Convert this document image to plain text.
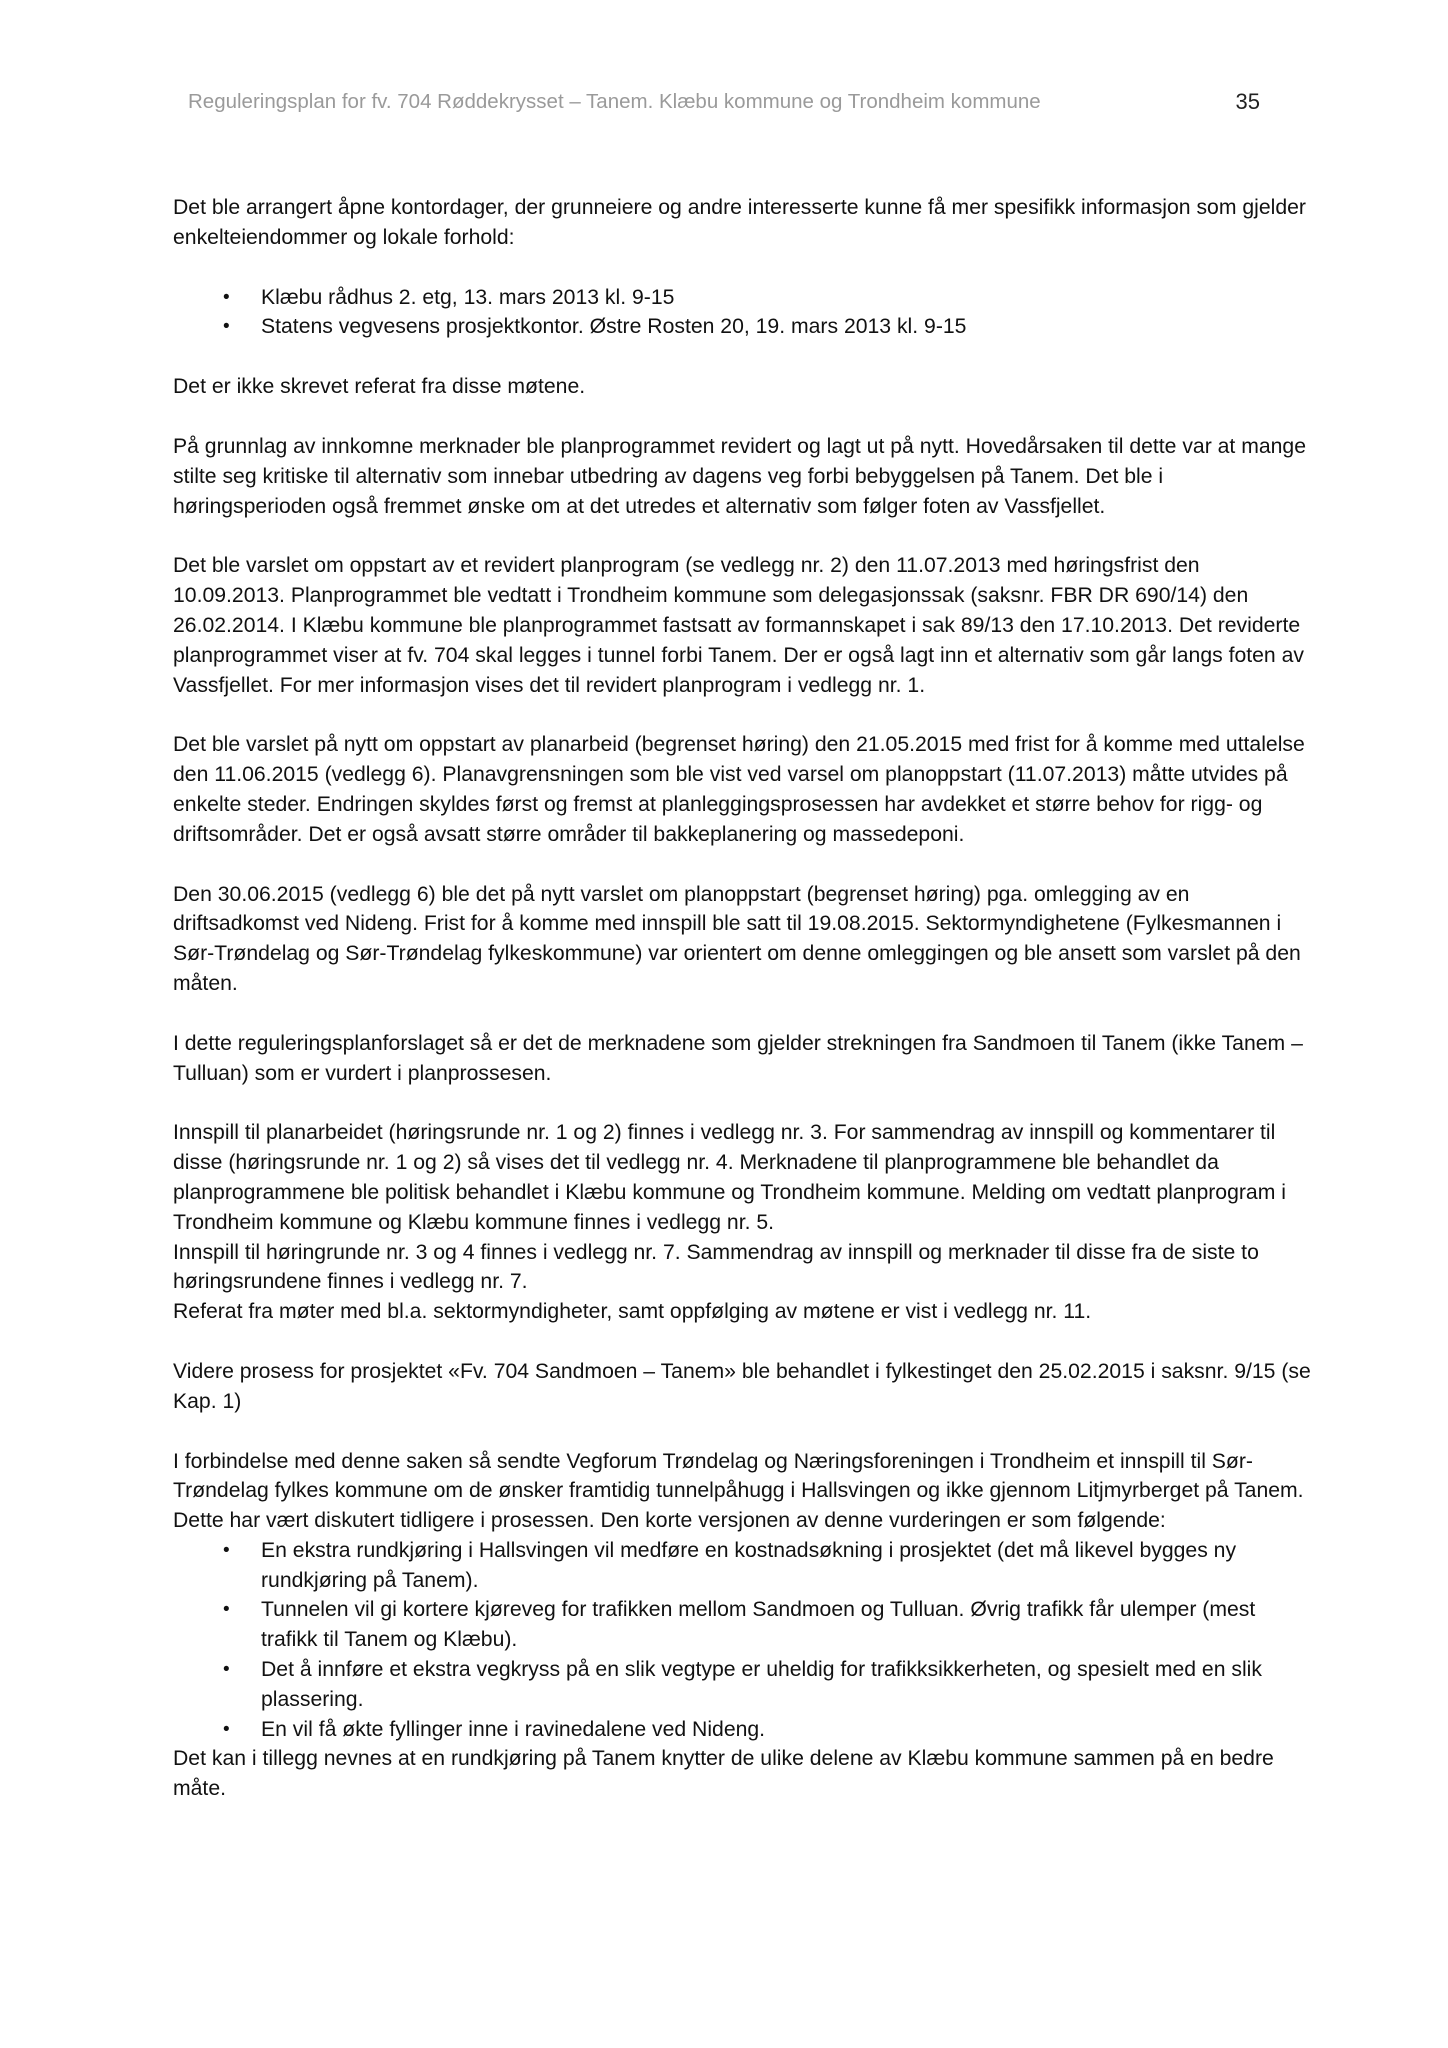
Reguleringsplan for fv. 704 Røddekrysset – Tanem. Klæbu kommune og Trondheim kommune	35

Det ble arrangert åpne kontordager, der grunneiere og andre interesserte kunne få mer spesifikk informasjon som gjelder enkelteiendommer og lokale forhold:

• Klæbu rådhus 2. etg, 13. mars 2013 kl. 9-15
• Statens vegvesens prosjektkontor. Østre Rosten 20, 19. mars 2013 kl. 9-15

Det er ikke skrevet referat fra disse møtene.

På grunnlag av innkomne merknader ble planprogrammet revidert og lagt ut på nytt. Hovedårsaken til dette var at mange stilte seg kritiske til alternativ som innebar utbedring av dagens veg forbi bebyggelsen på Tanem. Det ble i høringsperioden også fremmet ønske om at det utredes et alternativ som følger foten av Vassfjellet.

Det ble varslet om oppstart av et revidert planprogram (se vedlegg nr. 2) den 11.07.2013 med høringsfrist den 10.09.2013. Planprogrammet ble vedtatt i Trondheim kommune som delegasjonssak (saksnr. FBR DR 690/14) den 26.02.2014. I Klæbu kommune ble planprogrammet fastsatt av formannskapet i sak 89/13 den 17.10.2013. Det reviderte planprogrammet viser at fv. 704 skal legges i tunnel forbi Tanem. Der er også lagt inn et alternativ som går langs foten av Vassfjellet. For mer informasjon vises det til revidert planprogram i vedlegg nr. 1.

Det ble varslet på nytt om oppstart av planarbeid (begrenset høring) den 21.05.2015 med frist for å komme med uttalelse den 11.06.2015 (vedlegg 6). Planavgrensningen som ble vist ved varsel om planoppstart (11.07.2013) måtte utvides på enkelte steder. Endringen skyldes først og fremst at planleggingsprosessen har avdekket et større behov for rigg- og driftsområder. Det er også avsatt større områder til bakkeplanering og massedeponi.

Den 30.06.2015 (vedlegg 6) ble det på nytt varslet om planoppstart (begrenset høring) pga. omlegging av en driftsadkomst ved Nideng. Frist for å komme med innspill ble satt til 19.08.2015. Sektormyndighetene (Fylkesmannen i Sør-Trøndelag og Sør-Trøndelag fylkeskommune) var orientert om denne omleggingen og ble ansett som varslet på den måten.

I dette reguleringsplanforslaget så er det de merknadene som gjelder strekningen fra Sandmoen til Tanem (ikke Tanem – Tulluan) som er vurdert i planprossesen.

Innspill til planarbeidet (høringsrunde nr. 1 og 2) finnes i vedlegg nr. 3. For sammendrag av innspill og kommentarer til disse (høringsrunde nr. 1 og 2) så vises det til vedlegg nr. 4. Merknadene til planprogrammene ble behandlet da planprogrammene ble politisk behandlet i Klæbu kommune og Trondheim kommune. Melding om vedtatt planprogram i Trondheim kommune og Klæbu kommune finnes i vedlegg nr. 5.

Innspill til høringrunde nr. 3 og 4 finnes i vedlegg nr. 7. Sammendrag av innspill og merknader til disse fra de siste to høringsrundene finnes i vedlegg nr. 7.

Referat fra møter med bl.a. sektormyndigheter, samt oppfølging av møtene er vist i vedlegg nr. 11.

Videre prosess for prosjektet «Fv. 704 Sandmoen – Tanem» ble behandlet i fylkestinget den 25.02.2015 i saksnr. 9/15 (se Kap. 1)

I forbindelse med denne saken så sendte Vegforum Trøndelag og Næringsforeningen i Trondheim et innspill til Sør-Trøndelag fylkes kommune om de ønsker framtidig tunnelpåhugg i Hallsvingen og ikke gjennom Litjmyrberget på Tanem. Dette har vært diskutert tidligere i prosessen. Den korte versjonen av denne vurderingen er som følgende:

• En ekstra rundkjøring i Hallsvingen vil medføre en kostnadsøkning i prosjektet (det må likevel bygges ny rundkjøring på Tanem).
• Tunnelen vil gi kortere kjøreveg for trafikken mellom Sandmoen og Tulluan. Øvrig trafikk får ulemper (mest trafikk til Tanem og Klæbu).
• Det å innføre et ekstra vegkryss på en slik vegtype er uheldig for trafikksikkerheten, og spesielt med en slik plassering.
• En vil få økte fyllinger inne i ravinedalene ved Nideng.

Det kan i tillegg nevnes at en rundkjøring på Tanem knytter de ulike delene av Klæbu kommune sammen på en bedre måte.
